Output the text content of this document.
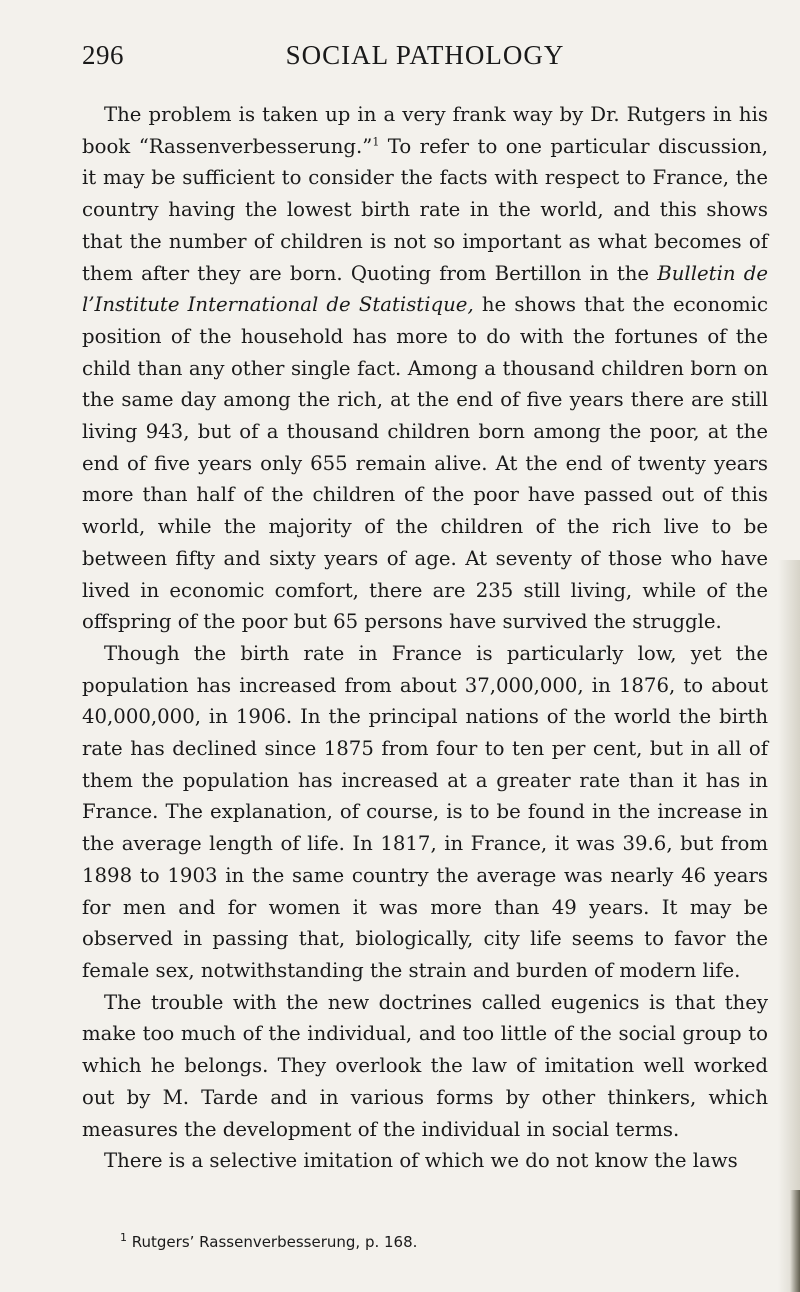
296	SOCIAL PATHOLOGY

The problem is taken up in a very frank way by Dr. Rutgers in his book “Rassenverbesserung.”$^1$ To refer to one particular discussion, it may be sufficient to consider the facts with respect to France, the country having the lowest birth rate in the world, and this shows that the number of children is not so important as what becomes of them after they are born. Quoting from Bertillon in the Bulletin de l’Institute International de Statistique, he shows that the economic position of the household has more to do with the fortunes of the child than any other single fact. Among a thousand children born on the same day among the rich, at the end of five years there are still living 943, but of a thousand children born among the poor, at the end of five years only 655 remain alive. At the end of twenty years more than half of the children of the poor have passed out of this world, while the majority of the children of the rich live to be between fifty and sixty years of age. At seventy of those who have lived in economic comfort, there are 235 still living, while of the offspring of the poor but 65 persons have survived the struggle.

Though the birth rate in France is particularly low, yet the population has increased from about 37,000,000, in 1876, to about 40,000,000, in 1906. In the principal nations of the world the birth rate has declined since 1875 from four to ten per cent, but in all of them the population has increased at a greater rate than it has in France. The explanation, of course, is to be found in the increase in the average length of life. In 1817, in France, it was 39.6, but from 1898 to 1903 in the same country the average was nearly 46 years for men and for women it was more than 49 years. It may be observed in passing that, biologically, city life seems to favor the female sex, notwithstanding the strain and burden of modern life.

The trouble with the new doctrines called eugenics is that they make too much of the individual, and too little of the social group to which he belongs. They overlook the law of imitation well worked out by M. Tarde and in various forms by other thinkers, which measures the development of the individual in social terms.

There is a selective imitation of which we do not know the laws

$^1$ Rutgers’ Rassenverbesserung, p. 168.
